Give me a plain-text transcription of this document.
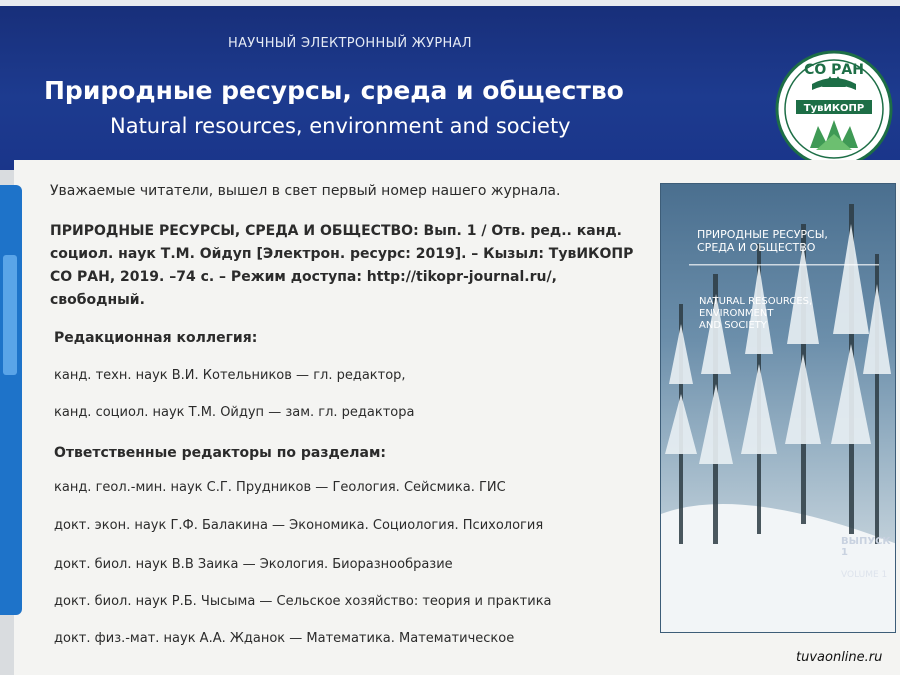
НАУЧНЫЙ ЭЛЕКТРОННЫЙ ЖУРНАЛ
Природные ресурсы, среда и общество
Natural resources, environment and society
СО РАН
ТувИКОПР
Уважаемые читатели, вышел в свет первый номер нашего журнала.
ПРИРОДНЫЕ РЕСУРСЫ, СРЕДА И ОБЩЕСТВО: Вып. 1 / Отв. ред.. канд. социол. наук Т.М. Ойдуп [Электрон. ресурс: 2019]. – Кызыл: ТувИКОПР СО РАН, 2019. –74 с. – Режим доступа: http://tikopr-journal.ru/, свободный.
Редакционная коллегия:
канд. техн. наук В.И. Котельников — гл. редактор,
канд. социол. наук Т.М. Ойдуп — зам. гл. редактора
Ответственные редакторы по разделам:
канд. геол.-мин. наук С.Г. Прудников — Геология. Сейсмика. ГИС
докт. экон. наук Г.Ф. Балакина — Экономика. Социология. Психология
докт. биол. наук В.В Заика — Экология. Биоразнообразие
докт. биол. наук Р.Б. Чысыма — Сельское хозяйство: теория и практика
докт. физ.-мат. наук А.А. Жданок — Математика. Математическое
ПРИРОДНЫЕ РЕСУРСЫ,
СРЕДА И ОБЩЕСТВО
NATURAL RESOURCES,
ENVIRONMENT
AND SOCIETY
ВЫПУСК 1
VOLUME 1
tuvaonline.ru
